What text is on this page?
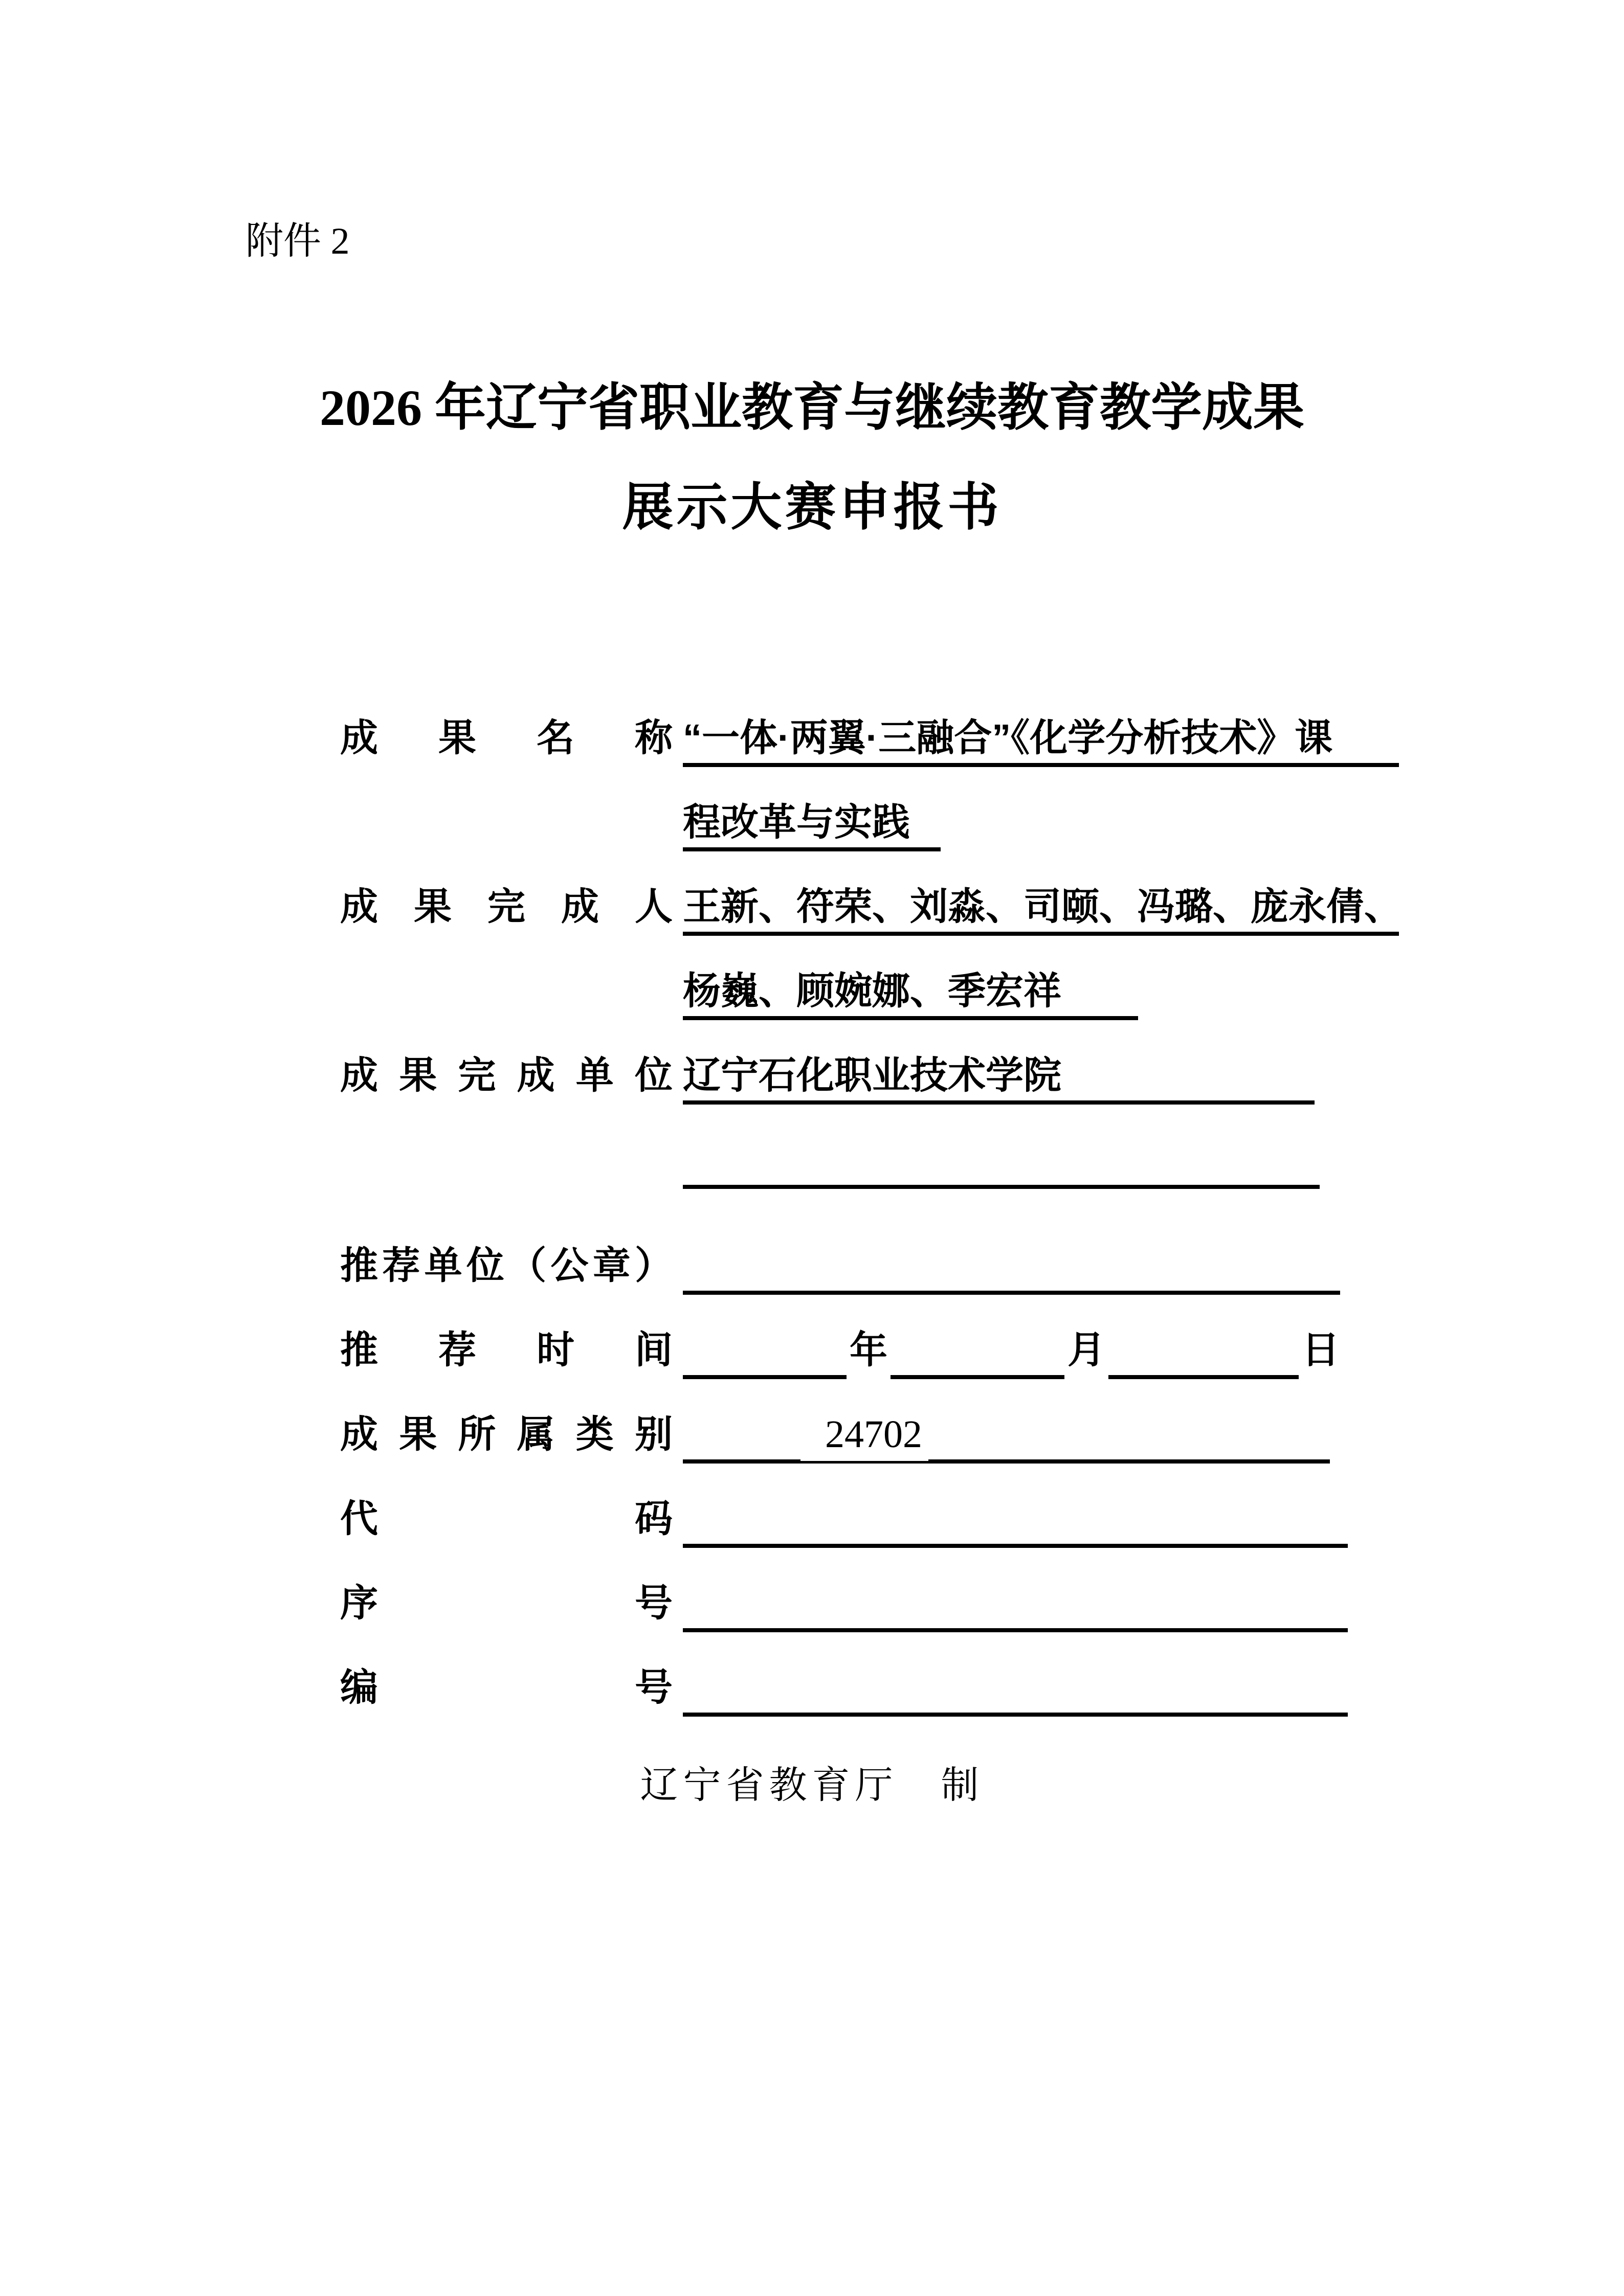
附件 2
2026 年辽宁省职业教育与继续教育教学成果
展示大赛申报书
成 果 名 称 “一体·两翼·三融合”《化学分析技术》课
程改革与实践
成 果 完 成 人 王新、符荣、刘淼、司颐、冯璐、庞永倩、
杨巍、顾婉娜、季宏祥
成 果 完 成 单 位 辽宁石化职业技术学院
推 荐 单 位 （ 公 章 ）
推 荐 时 间	年	月	日
成 果 所 属 类 别	24702
代	码
序	号
编	号
辽宁省教育厅　制
